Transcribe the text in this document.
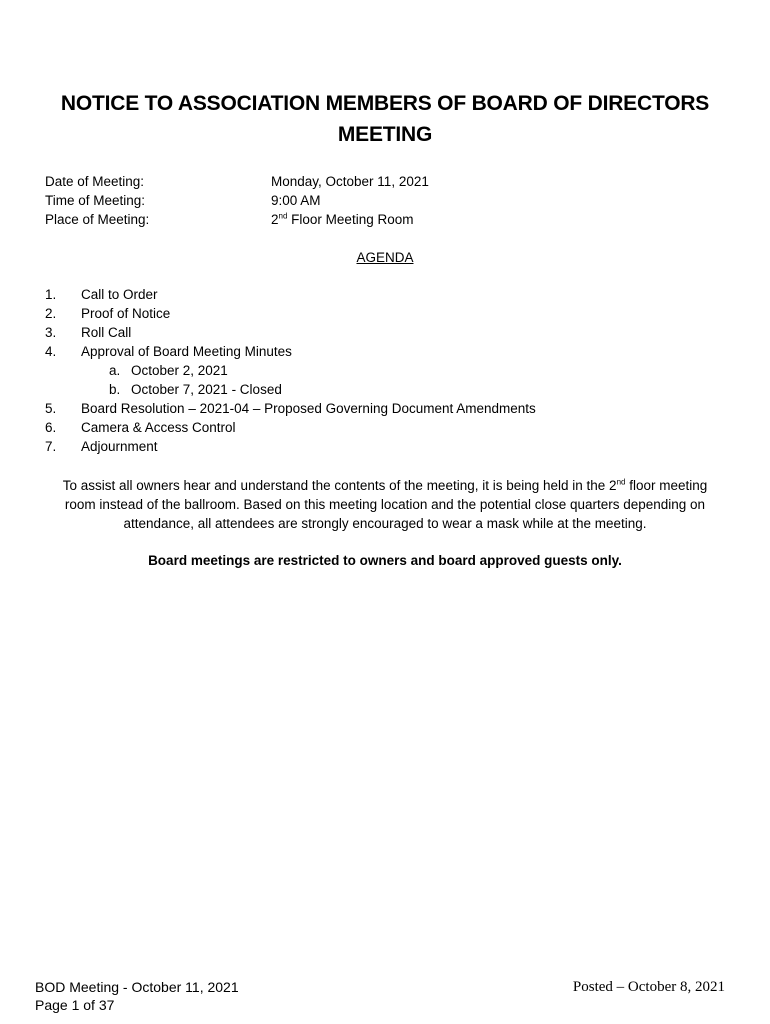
NOTICE TO ASSOCIATION MEMBERS OF BOARD OF DIRECTORS MEETING
Date of Meeting:	Monday, October 11, 2021
Time of Meeting:	9:00 AM
Place of Meeting:	2nd Floor Meeting Room
AGENDA
1.	Call to Order
2.	Proof of Notice
3.	Roll Call
4.	Approval of Board Meeting Minutes
a. October 2, 2021
b. October 7, 2021 - Closed
5.	Board Resolution – 2021-04 – Proposed Governing Document Amendments
6.	Camera & Access Control
7.	Adjournment
To assist all owners hear and understand the contents of the meeting, it is being held in the 2nd floor meeting room instead of the ballroom. Based on this meeting location and the potential close quarters depending on attendance, all attendees are strongly encouraged to wear a mask while at the meeting.
Board meetings are restricted to owners and board approved guests only.
BOD Meeting - October 11, 2021
Page 1 of 37
Posted – October 8, 2021
